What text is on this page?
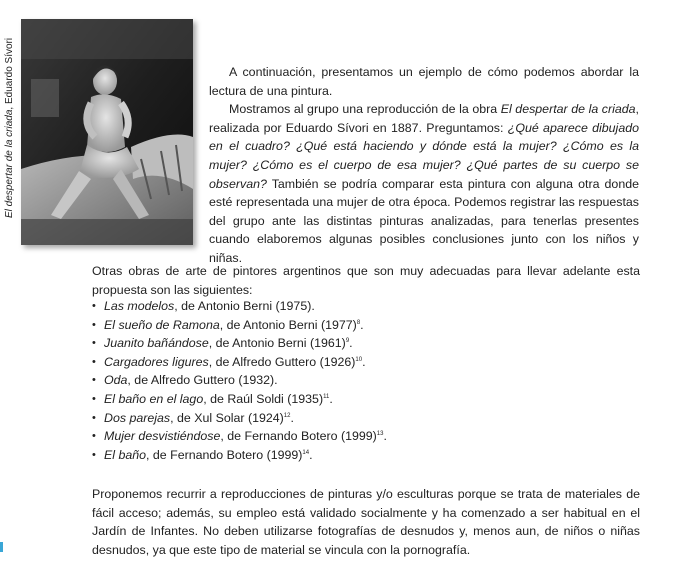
El despertar de la criada, Eduardo Sívori	A continuación, presentamos un ejemplo de cómo podemos abordar la lectura de una pintura.

Mostramos al grupo una reproducción de la obra El despertar de la criada, realizada por Eduardo Sívori en 1887. Preguntamos: ¿Qué aparece dibujado en el cuadro? ¿Qué está haciendo y dónde está la mujer? ¿Cómo es la mujer? ¿Cómo es el cuerpo de esa mujer? ¿Qué partes de su cuerpo se observan? También se podría comparar esta pintura con alguna otra donde esté representada una mujer de otra época. Podemos registrar las respuestas del grupo ante las distintas pinturas analizadas, para tenerlas presentes cuando elaboremos algunas posibles conclusiones junto con los niños y niñas.

Otras obras de arte de pintores argentinos que son muy adecuadas para llevar adelante esta propuesta son las siguientes:

• Las modelos, de Antonio Berni (1975).
• El sueño de Ramona, de Antonio Berni $(1977)^8$.
• Juanito bañándose, de Antonio Berni $(1961)^9$.
• Cargadores ligures, de Alfredo Guttero $(1926)^{10}$.
• Oda, de Alfredo Guttero (1932).
• El baño en el lago, de Raúl Soldi $(1935)^{11}$.
• Dos parejas, de Xul Solar $(1924)^{12}$.
• Mujer desvistiéndose, de Fernando Botero $(1999)^{13}$.
• El baño, de Fernando Botero $(1999)^{14}$.

Proponemos recurrir a reproducciones de pinturas y/o esculturas porque se trata de materiales de fácil acceso; además, su empleo está validado socialmente y ha comenzado a ser habitual en el Jardín de Infantes. No deben utilizarse fotografías de desnudos y, menos aun, de niños o niñas desnudos, ya que este tipo de material se vincula con la pornografía.
